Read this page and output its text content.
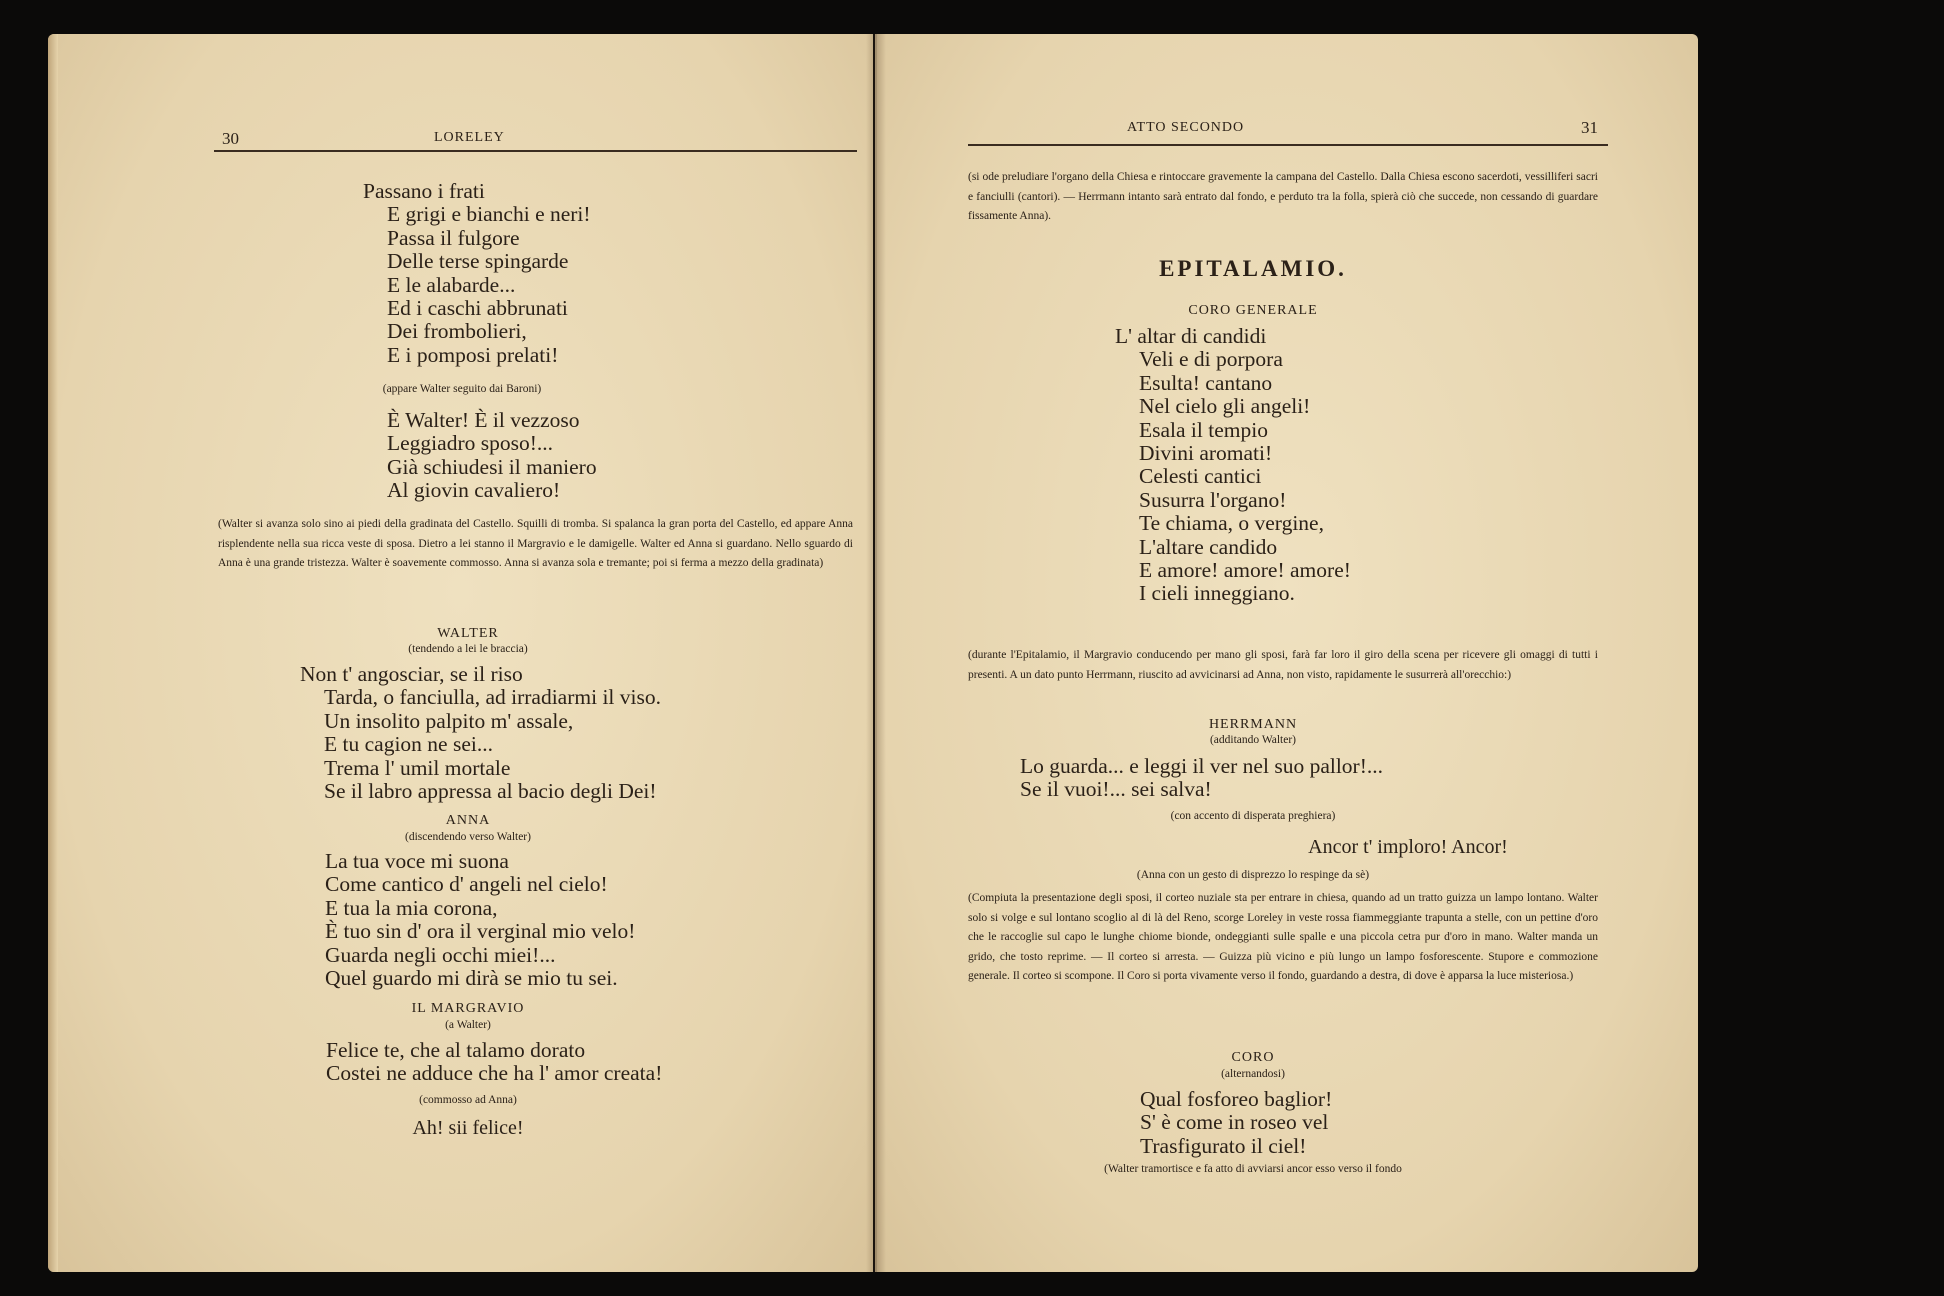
30	LORELEY
Passano i frati
E grigi e bianchi e neri!
Passa il fulgore
Delle terse spingarde
E le alabarde...
Ed i caschi abbrunati
Dei frombolieri,
E i pomposi prelati!
(appare Walter seguito dai Baroni)
È Walter! È il vezzoso
Leggiadro sposo!...
Già schiudesi il maniero
Al giovin cavaliero!
(Walter si avanza solo sino ai piedi della gradinata del Castello. Squilli di tromba. Si spalanca la gran porta del Castello, ed appare Anna risplendente nella sua ricca veste di sposa. Dietro a lei stanno il Margravio e le damigelle. Walter ed Anna si guardano. Nello sguardo di Anna è una grande tristezza. Walter è soavemente commosso. Anna si avanza sola e tremante; poi si ferma a mezzo della gradinata)
WALTER
(tendendo a lei le braccia)
Non t' angosciar, se il riso
Tarda, o fanciulla, ad irradiarmi il viso.
Un insolito palpito m' assale,
E tu cagion ne sei...
Trema l' umil mortale
Se il labro appressa al bacio degli Dei!
ANNA
(discendendo verso Walter)
La tua voce mi suona
Come cantico d' angeli nel cielo!
E tua la mia corona,
È tuo sin d' ora il verginal mio velo!
Guarda negli occhi miei!...
Quel guardo mi dirà se mio tu sei.
IL MARGRAVIO
(a Walter)
Felice te, che al talamo dorato
Costei ne adduce che ha l' amor creata!
(commosso ad Anna)
Ah! sii felice!
ATTO SECONDO	31
(si ode preludiare l'organo della Chiesa e rintoccare gravemente la campana del Castello. Dalla Chiesa escono sacerdoti, vessilliferi sacri e fanciulli (cantori). — Herrmann intanto sarà entrato dal fondo, e perduto tra la folla, spierà ciò che succede, non cessando di guardare fissamente Anna).
EPITALAMIO.
CORO GENERALE
L' altar di candidi
Veli e di porpora
Esulta! cantano
Nel cielo gli angeli!
Esala il tempio
Divini aromati!
Celesti cantici
Susurra l'organo!
Te chiama, o vergine,
L'altare candido
E amore! amore! amore!
I cieli inneggiano.
(durante l'Epitalamio, il Margravio conducendo per mano gli sposi, farà far loro il giro della scena per ricevere gli omaggi di tutti i presenti. A un dato punto Herrmann, riuscito ad avvicinarsi ad Anna, non visto, rapidamente le susurrerà all'orecchio:)
HERRMANN
(additando Walter)
Lo guarda... e leggi il ver nel suo pallor!...
Se il vuoi!... sei salva!
(con accento di disperata preghiera)
Ancor t' imploro! Ancor!
(Anna con un gesto di disprezzo lo respinge da sè)
(Compiuta la presentazione degli sposi, il corteo nuziale sta per entrare in chiesa, quando ad un tratto guizza un lampo lontano. Walter solo si volge e sul lontano scoglio al di là del Reno, scorge Loreley in veste rossa fiammeggiante trapunta a stelle, con un pettine d'oro che le raccoglie sul capo le lunghe chiome bionde, ondeggianti sulle spalle e una piccola cetra pur d'oro in mano. Walter manda un grido, che tosto reprime. — Il corteo si arresta. — Guizza più vicino e più lungo un lampo fosforescente. Stupore e commozione generale. Il corteo si scompone. Il Coro si porta vivamente verso il fondo, guardando a destra, di dove è apparsa la luce misteriosa.)
CORO
(alternandosi)
Qual fosforeo baglior!
S' è come in roseo vel
Trasfigurato il ciel!
(Walter tramortisce e fa atto di avviarsi ancor esso verso il fondo
